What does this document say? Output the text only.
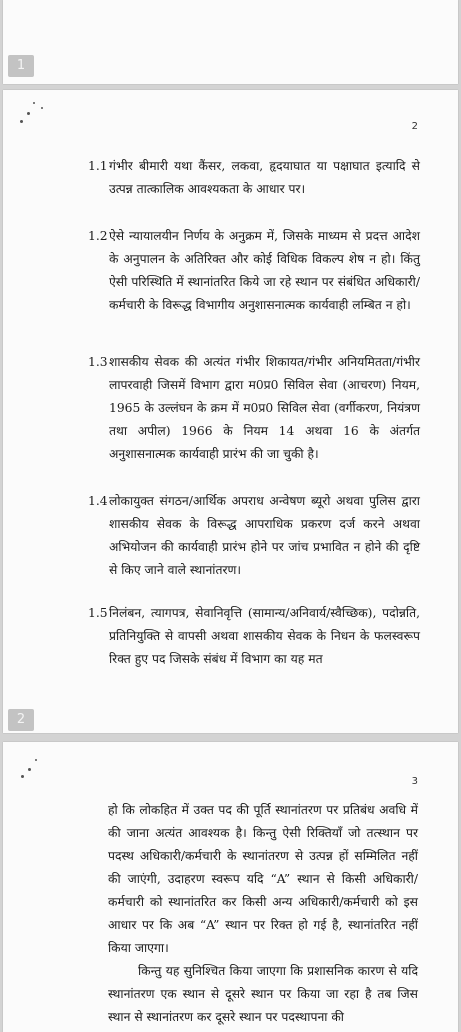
1
2
1.1 गंभीर बीमारी यथा कैंसर, लकवा, हृदयाघात या पक्षाघात इत्यादि से उत्पन्न तात्कालिक आवश्यकता के आधार पर।
1.2 ऐसे न्यायालयीन निर्णय के अनुक्रम में, जिसके माध्यम से प्रदत्त आदेश के अनुपालन के अतिरिक्त और कोई विधिक विकल्प शेष न हो। किंतु ऐसी परिस्थिति में स्थानांतरित किये जा रहे स्थान पर संबंधित अधिकारी/कर्मचारी के विरूद्ध विभागीय अनुशासनात्मक कार्यवाही लम्बित न हो।
1.3 शासकीय सेवक की अत्यंत गंभीर शिकायत/गंभीर अनियमितता/गंभीर लापरवाही जिसमें विभाग द्वारा म0प्र0 सिविल सेवा (आचरण) नियम, 1965 के उल्लंघन के क्रम में म0प्र0 सिविल सेवा (वर्गीकरण, नियंत्रण तथा अपील) 1966 के नियम 14 अथवा 16 के अंतर्गत अनुशासनात्मक कार्यवाही प्रारंभ की जा चुकी है।
1.4 लोकायुक्त संगठन/आर्थिक अपराध अन्वेषण ब्यूरो अथवा पुलिस द्वारा शासकीय सेवक के विरूद्ध आपराधिक प्रकरण दर्ज करने अथवा अभियोजन की कार्यवाही प्रारंभ होने पर जांच प्रभावित न होने की दृष्टि से किए जाने वाले स्थानांतरण।
1.5 निलंबन, त्यागपत्र, सेवानिवृत्ति (सामान्य/अनिवार्य/स्वैच्छिक), पदोन्नति, प्रतिनियुक्ति से वापसी अथवा शासकीय सेवक के निधन के फलस्वरूप रिक्त हुए पद जिसके संबंध में विभाग का यह मत
2
3

हो कि लोकहित में उक्त पद की पूर्ति स्थानांतरण पर प्रतिबंध अवधि में की जाना अत्यंत आवश्यक है। किन्तु ऐसी रिक्तियाँ जो तत्स्थान पर पदस्थ अधिकारी/कर्मचारी के स्थानांतरण से उत्पन्न हों सम्मिलित नहीं की जाएंगी, उदाहरण स्वरूप यदि “A” स्थान से किसी अधिकारी/कर्मचारी को स्थानांतरित कर किसी अन्य अधिकारी/कर्मचारी को इस आधार पर कि अब “A” स्थान पर रिक्त हो गई है, स्थानांतरित नहीं किया जाएगा।

किन्तु यह सुनिश्चित किया जाएगा कि प्रशासनिक कारण से यदि स्थानांतरण एक स्थान से दूसरे स्थान पर किया जा रहा है तब जिस स्थान से स्थानांतरण कर दूसरे स्थान पर पदस्थापना की
